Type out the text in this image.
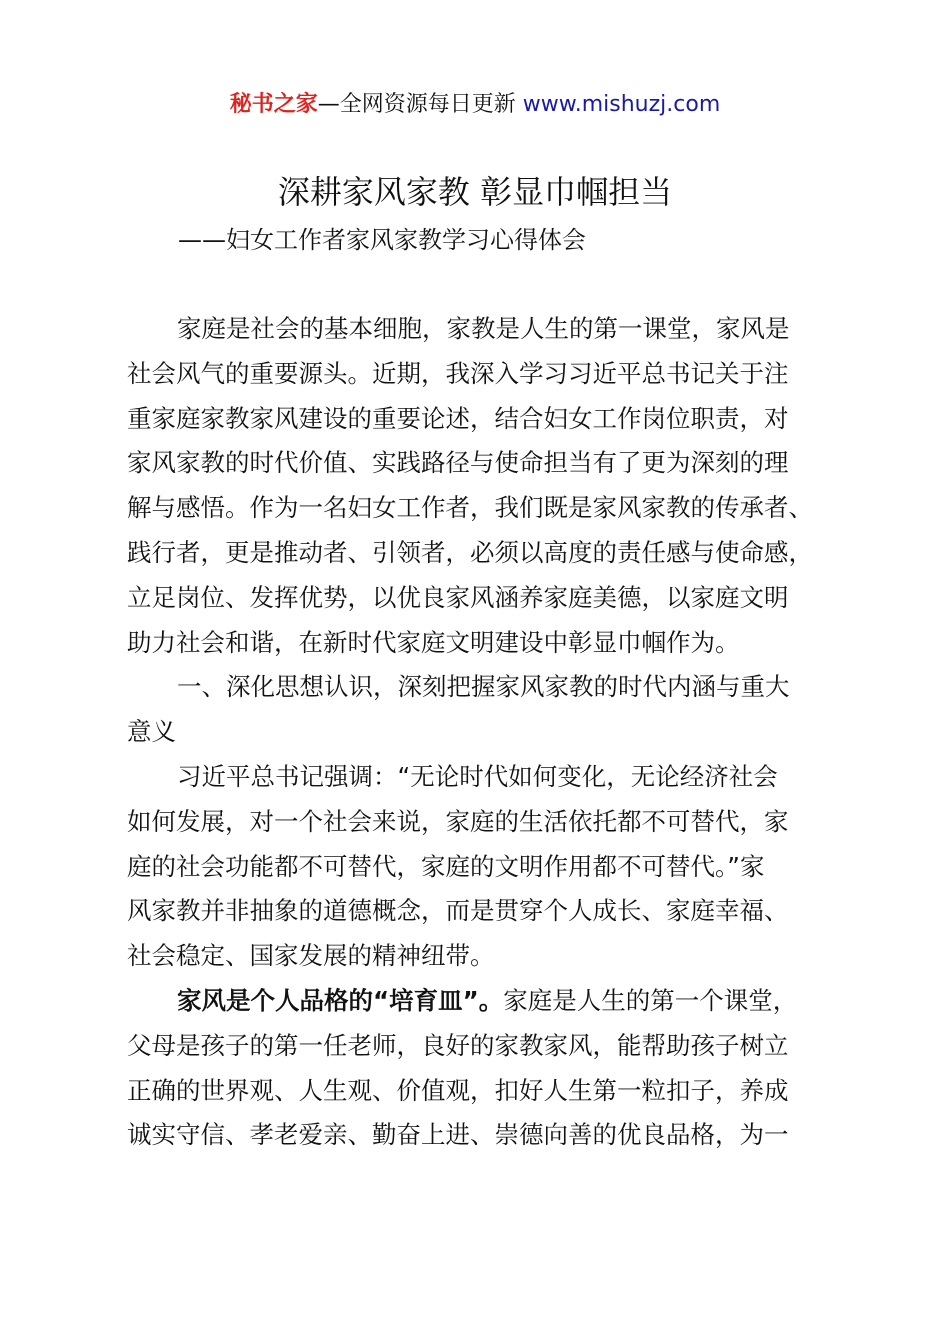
秘书之家—全网资源每日更新 www.mishuzj.com
深耕家风家教 彰显巾帼担当
——妇女工作者家风家教学习心得体会
家庭是社会的基本细胞，家教是人生的第一课堂，家风是
社会风气的重要源头。近期，我深入学习习近平总书记关于注
重家庭家教家风建设的重要论述，结合妇女工作岗位职责，对
家风家教的时代价值、实践路径与使命担当有了更为深刻的理
解与感悟。作为一名妇女工作者，我们既是家风家教的传承者、
践行者，更是推动者、引领者，必须以高度的责任感与使命感，
立足岗位、发挥优势，以优良家风涵养家庭美德，以家庭文明
助力社会和谐，在新时代家庭文明建设中彰显巾帼作为。
一、深化思想认识，深刻把握家风家教的时代内涵与重大
意义
习近平总书记强调：“无论时代如何变化，无论经济社会
如何发展，对一个社会来说，家庭的生活依托都不可替代，家
庭的社会功能都不可替代，家庭的文明作用都不可替代。”家
风家教并非抽象的道德概念，而是贯穿个人成长、家庭幸福、
社会稳定、国家发展的精神纽带。
家风是个人品格的“培育皿”。家庭是人生的第一个课堂，
父母是孩子的第一任老师，良好的家教家风，能帮助孩子树立
正确的世界观、人生观、价值观，扣好人生第一粒扣子，养成
诚实守信、孝老爱亲、勤奋上进、崇德向善的优良品格，为一
